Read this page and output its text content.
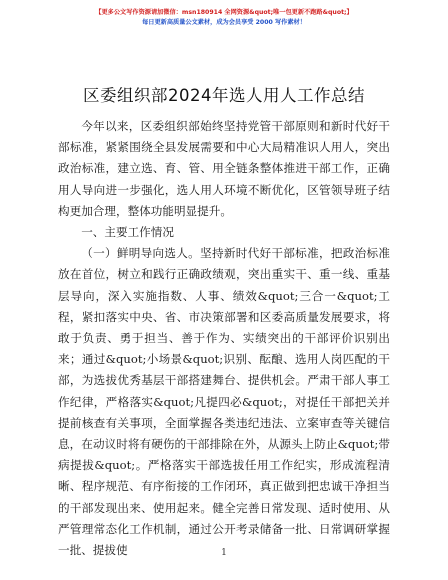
【更多公文写作资源请加微信：msn180914 全网资源&quot;唯一包更新不跑路&quot;】
每日更新高质量公文素材，成为会员享受 2000 写作素材！
区委组织部2024年选人用人工作总结

今年以来，区委组织部始终坚持党管干部原则和新时代好干部标准，紧紧围绕全县发展需要和中心大局精准识人用人，突出政治标准，建立选、育、管、用全链条整体推进干部工作，正确用人导向进一步强化，选人用人环境不断优化，区管领导班子结构更加合理，整体功能明显提升。

一、主要工作情况

（一）鲜明导向选人。坚持新时代好干部标准，把政治标准放在首位，树立和践行正确政绩观，突出重实干、重一线、重基层导向，深入实施指数、人事、绩效&quot;三合一&quot;工程，紧扣落实中央、省、市决策部署和区委高质量发展要求，将敢于负责、勇于担当、善于作为、实绩突出的干部评价识别出来；通过&quot;小场景&quot;识别、酝酿、选用人岗匹配的干部，为选拔优秀基层干部搭建舞台、提供机会。严肃干部人事工作纪律，严格落实&quot;凡提四必&quot;，对提任干部把关并提前核查有关事项，全面掌握各类违纪违法、立案审查等关键信息，在动议时将有硬伤的干部排除在外，从源头上防止&quot;带病提拔&quot;。严格落实干部选拔任用工作纪实，形成流程清晰、程序规范、有序衔接的工作闭环，真正做到把忠诚干净担当的干部发现出来、使用起来。健全完善日常发现、适时使用、从严管理常态化工作机制，通过公开考录储备一批、日常调研掌握一批、提拔使	1
